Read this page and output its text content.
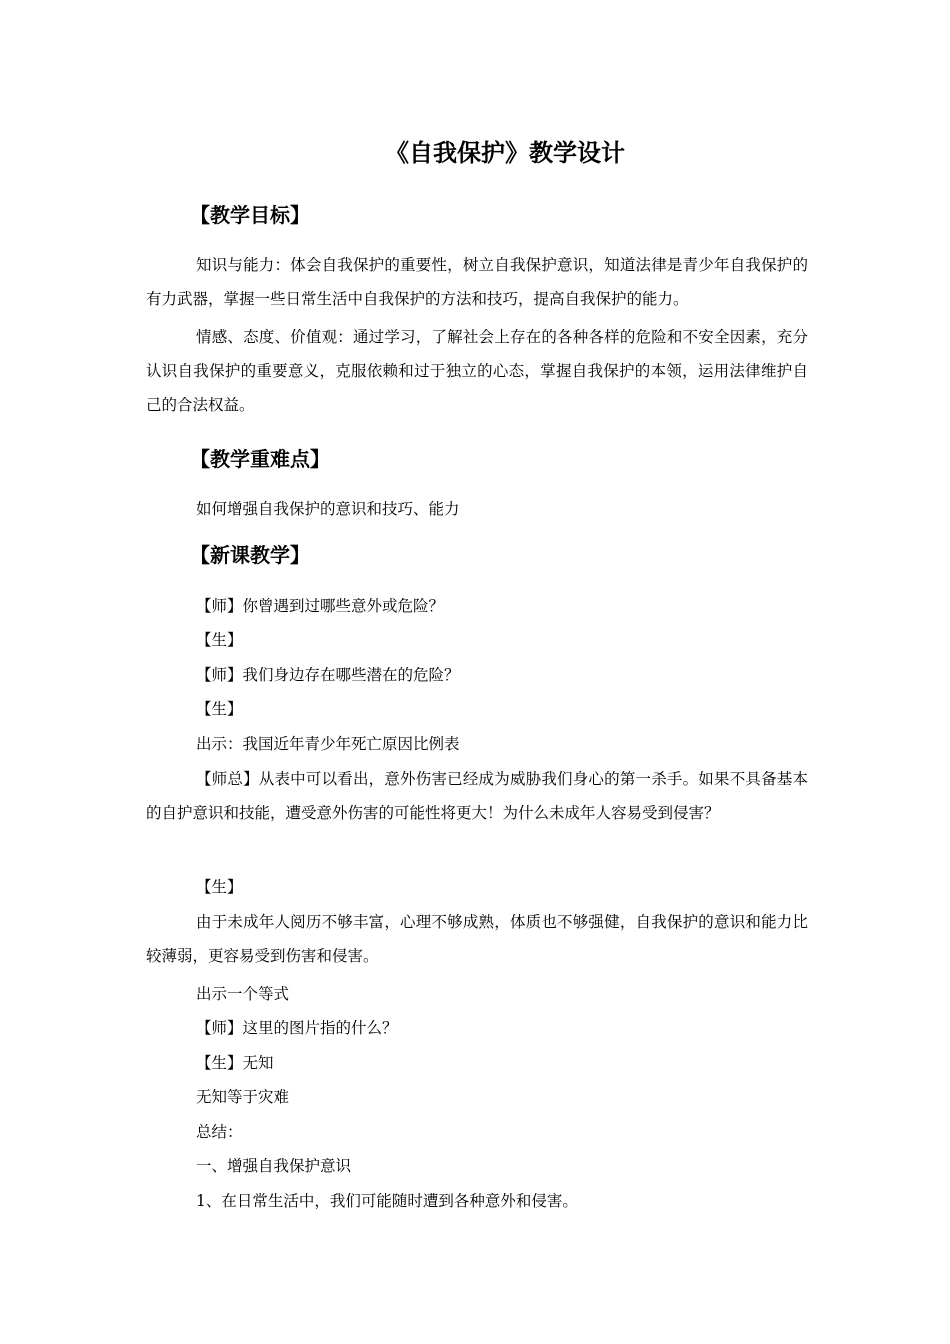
《自我保护》教学设计
【教学目标】

知识与能力：体会自我保护的重要性，树立自我保护意识，知道法律是青少年自我保护的有力武器，掌握一些日常生活中自我保护的方法和技巧，提高自我保护的能力。

情感、态度、价值观：通过学习，了解社会上存在的各种各样的危险和不安全因素，充分认识自我保护的重要意义，克服依赖和过于独立的心态，掌握自我保护的本领，运用法律维护自己的合法权益。

【教学重难点】
如何增强自我保护的意识和技巧、能力
【新课教学】
【师】你曾遇到过哪些意外或危险？
【生】
【师】我们身边存在哪些潜在的危险？
【生】
出示：我国近年青少年死亡原因比例表

【师总】从表中可以看出，意外伤害已经成为威胁我们身心的第一杀手。如果不具备基本的自护意识和技能，遭受意外伤害的可能性将更大！为什么未成年人容易受到侵害？

【生】

由于未成年人阅历不够丰富，心理不够成熟，体质也不够强健，自我保护的意识和能力比较薄弱，更容易受到伤害和侵害。

出示一个等式
【师】这里的图片指的什么？
【生】无知
无知等于灾难
总结：
一、增强自我保护意识
1、在日常生活中，我们可能随时遭到各种意外和侵害。
